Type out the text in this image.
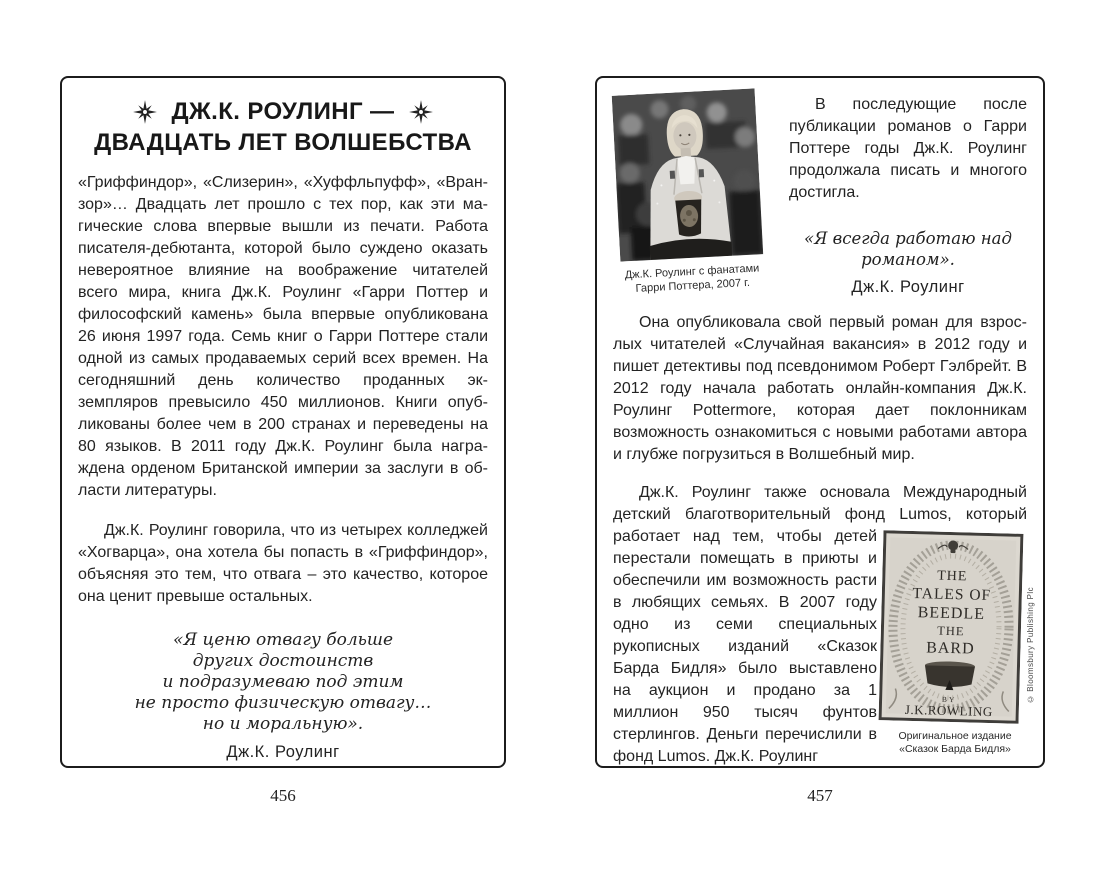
ДЖ.К. РОУЛИНГ —
ДВАДЦАТЬ ЛЕТ ВОЛШЕБСТВА

«Гриффиндор», «Слизерин», «Хуффльпуфф», «Вранзор»… Двадцать лет прошло с тех пор, как эти магические слова впервые вышли из печати. Работа писателя-дебютанта, которой было суждено оказать невероятное влияние на воображение читателей всего мира, книга Дж.К. Роулинг «Гарри Поттер и философский камень» была впервые опубликована 26 июня 1997 года. Семь книг о Гарри Поттере стали одной из самых продаваемых серий всех времен. На сегодняшний день количество проданных экземпляров превысило 450 миллионов. Книги опубликованы более чем в 200 странах и переведены на 80 языков. В 2011 году Дж.К. Роулинг была награждена орденом Британской империи за заслуги в области литературы.

Дж.К. Роулинг говорила, что из четырех колледжей «Хогварца», она хотела бы попасть в «Гриффиндор», объясняя это тем, что отвага – это качество, которое она ценит превыше остальных.

«Я ценю отвагу больше
других достоинств
и подразумеваю под этим
не просто физическую отвагу…
но и моральную».
Дж.К. Роулинг
456
Дж.К. Роулинг с фанатами
Гарри Поттера, 2007 г.

В последующие после публикации романов о Гарри Поттере годы Дж.К. Роулинг продолжала писать и многого достигла.

«Я всегда работаю над романом».
Дж.К. Роулинг

Она опубликовала свой первый роман для взрослых читателей «Случайная вакансия» в 2012 году и пишет детективы под псевдонимом Роберт Гэлбрейт. В 2012 году начала работать онлайн-компания Дж.К. Роулинг Pottermore, которая дает поклонникам возможность ознакомиться с новыми работами автора и глубже погрузиться в Волшебный мир.

Дж.К. Роулинг также основала Международный детский благотворительный фонд Lumos, который

работает над тем, чтобы детей перестали помещать в приюты и обеспечили им возможность расти в любящих семьях. В 2007 году одно из семи специальных рукописных изданий «Сказок Барда Бидля» было выставлено на аукцион и продано за 1 миллион 950 тысяч фунтов стерлингов. Деньги перечислили в фонд Lumos. Дж.К. Роулинг

THE
TALES OF
BEEDLE
THE
BARD
BY
J.K.ROWLING
© Bloomsbury Publishing Plc
Оригинальное издание
«Сказок Барда Бидля»
457
